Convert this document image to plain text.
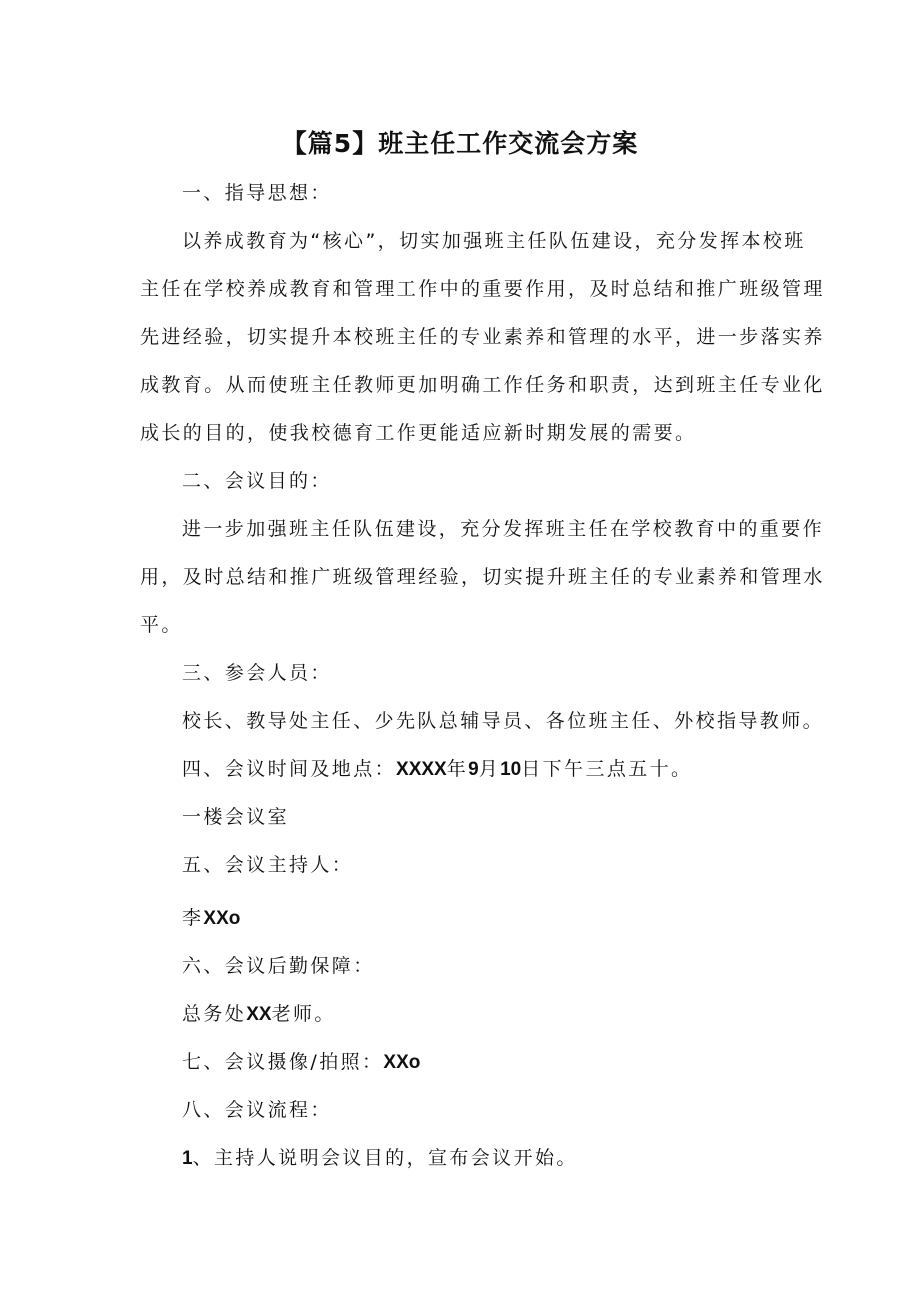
【篇5】班主任工作交流会方案
一、指导思想：
以养成教育为“核心”，切实加强班主任队伍建设，充分发挥本校班
主任在学校养成教育和管理工作中的重要作用，及时总结和推广班级管理
先进经验，切实提升本校班主任的专业素养和管理的水平，进一步落实养
成教育。从而使班主任教师更加明确工作任务和职责，达到班主任专业化
成长的目的，使我校德育工作更能适应新时期发展的需要。
二、会议目的：
进一步加强班主任队伍建设，充分发挥班主任在学校教育中的重要作
用，及时总结和推广班级管理经验，切实提升班主任的专业素养和管理水
平。
三、参会人员：
校长、教导处主任、少先队总辅导员、各位班主任、外校指导教师。
四、会议时间及地点：XXXX年9月10日下午三点五十。
一楼会议室
五、会议主持人：
李XXo
六、会议后勤保障：
总务处XX老师。
七、会议摄像/拍照：XXo
八、会议流程：
1、主持人说明会议目的，宣布会议开始。
